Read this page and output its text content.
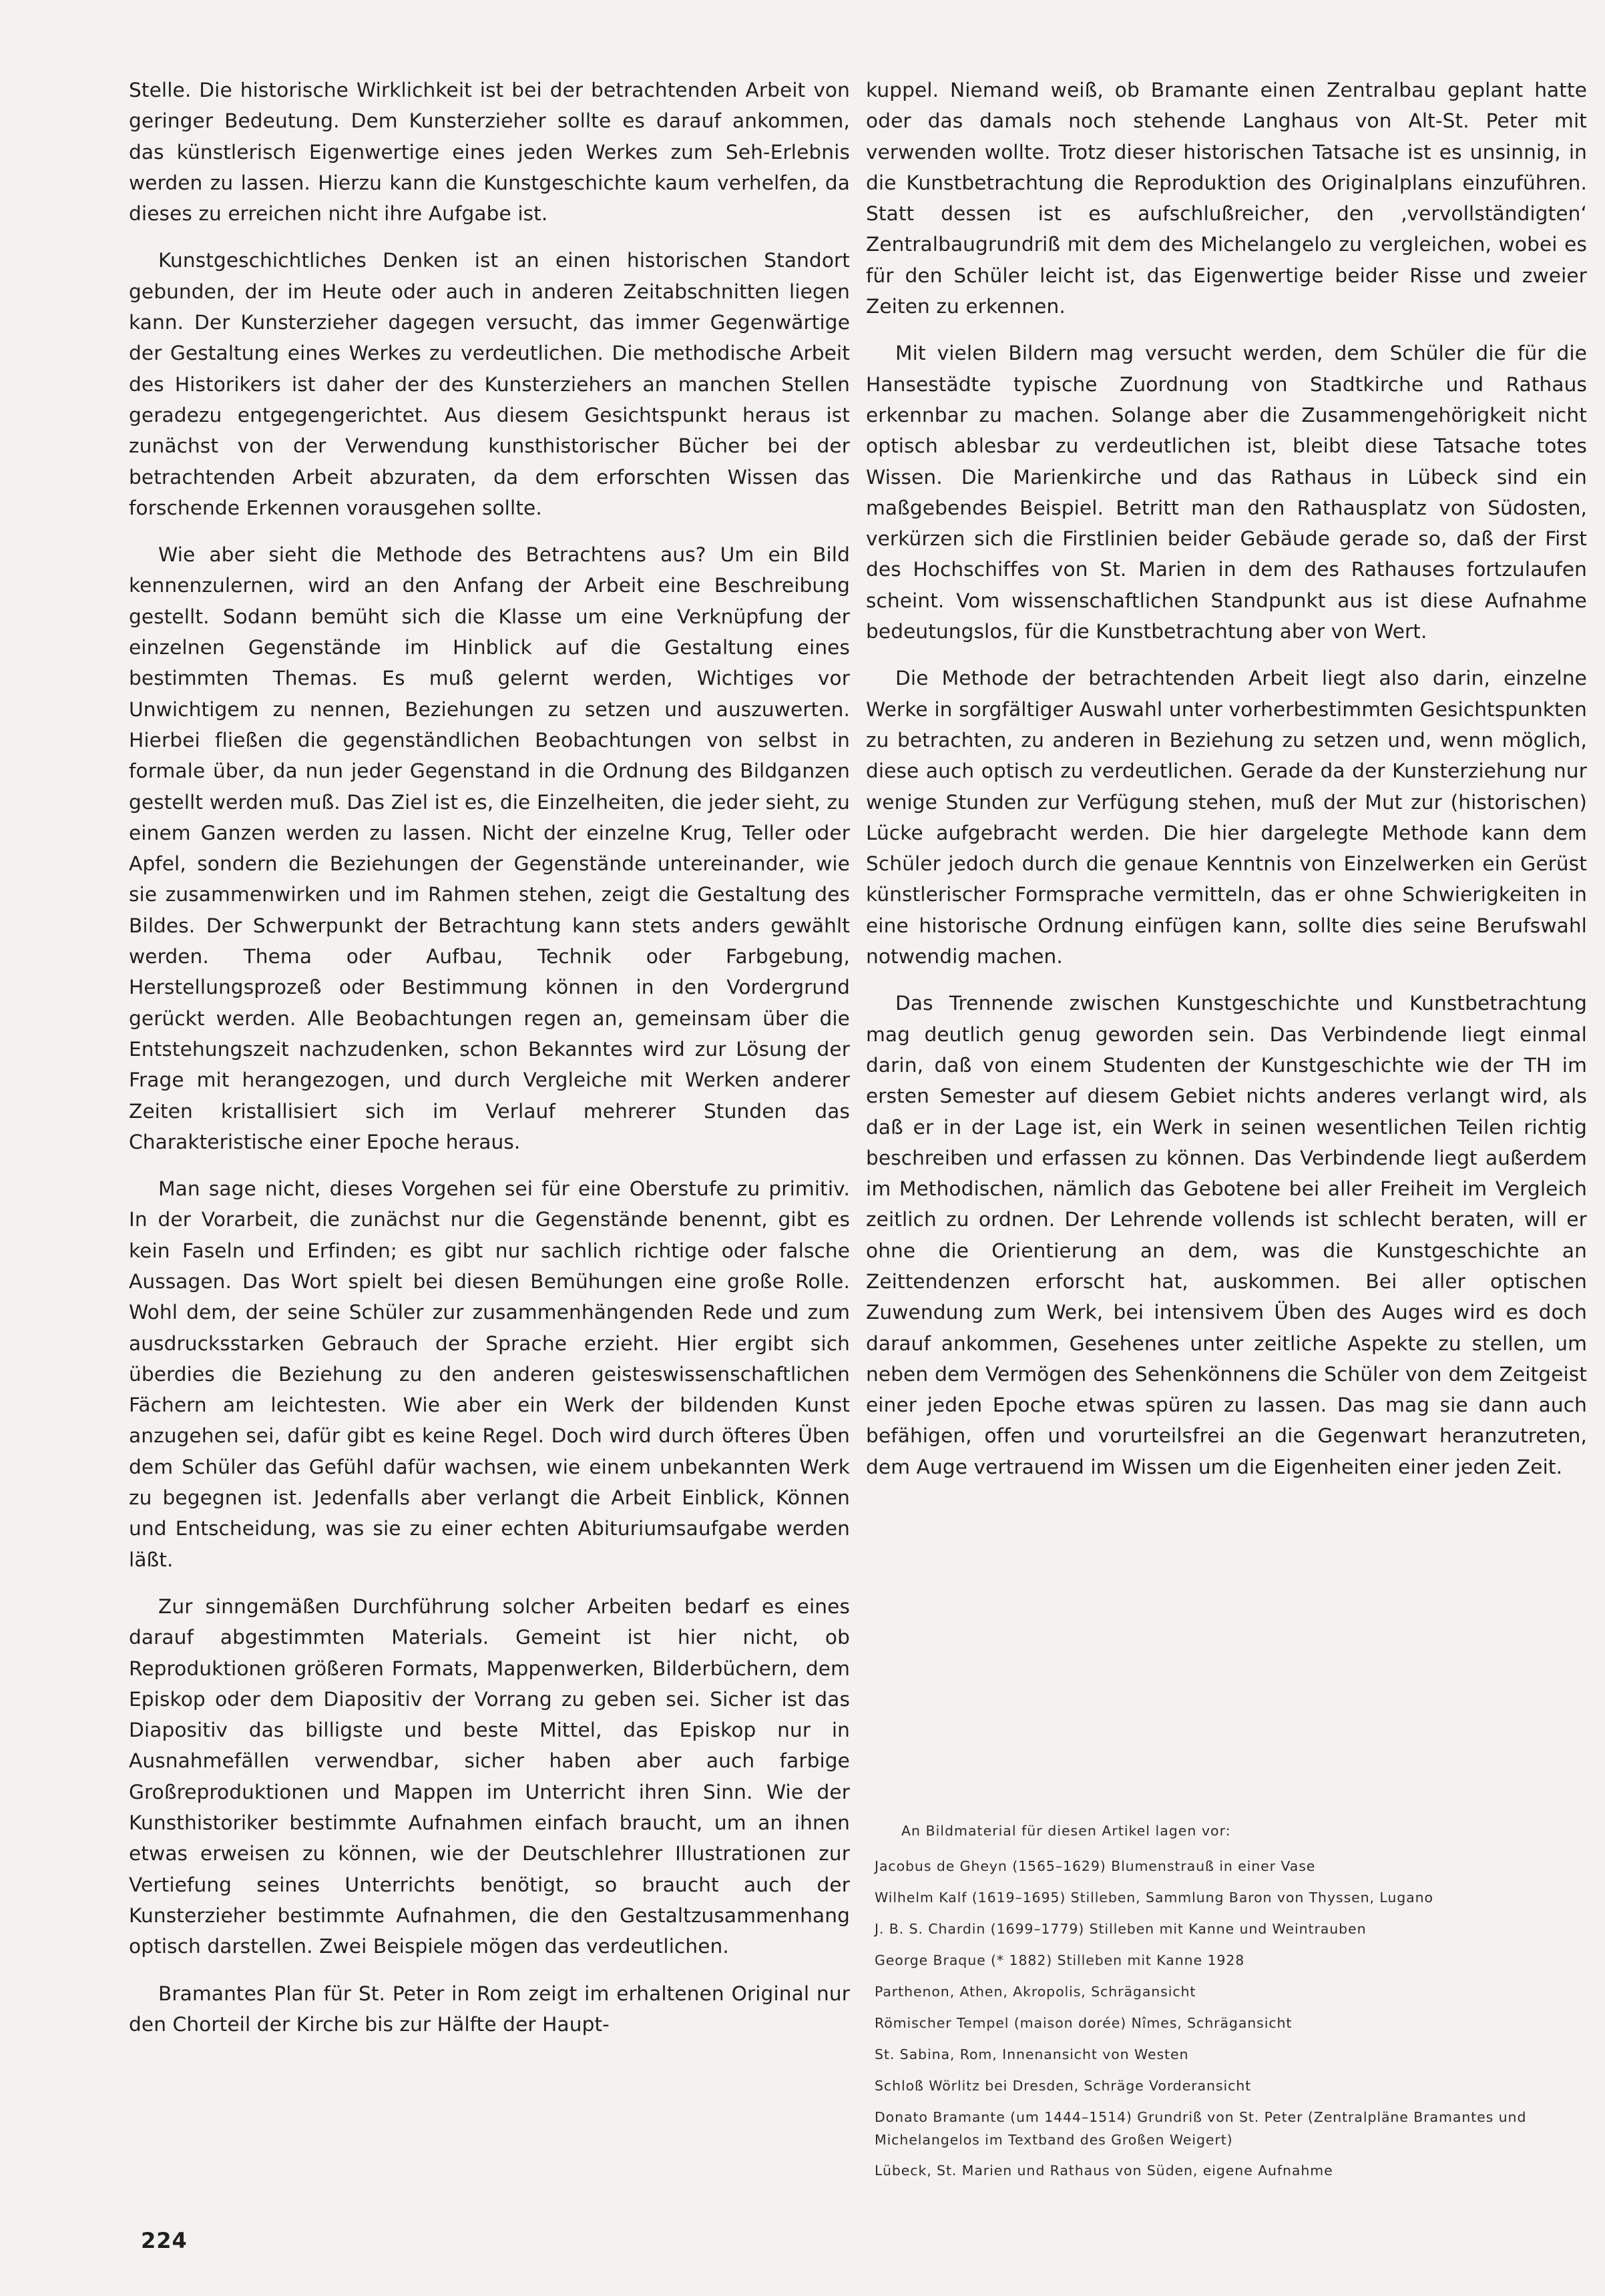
Stelle. Die historische Wirklichkeit ist bei der betrachtenden Arbeit von geringer Bedeutung. Dem Kunsterzieher sollte es darauf ankommen, das künstlerisch Eigenwertige eines jeden Werkes zum Seh-Erlebnis werden zu lassen. Hierzu kann die Kunstgeschichte kaum verhelfen, da dieses zu erreichen nicht ihre Aufgabe ist.

Kunstgeschichtliches Denken ist an einen historischen Standort gebunden, der im Heute oder auch in anderen Zeitabschnitten liegen kann. Der Kunsterzieher dagegen versucht, das immer Gegenwärtige der Gestaltung eines Werkes zu verdeutlichen. Die methodische Arbeit des Historikers ist daher der des Kunsterziehers an manchen Stellen geradezu entgegengerichtet. Aus diesem Gesichtspunkt heraus ist zunächst von der Verwendung kunsthistorischer Bücher bei der betrachtenden Arbeit abzuraten, da dem erforschten Wissen das forschende Erkennen vorausgehen sollte.

Wie aber sieht die Methode des Betrachtens aus? Um ein Bild kennenzulernen, wird an den Anfang der Arbeit eine Beschreibung gestellt. Sodann bemüht sich die Klasse um eine Verknüpfung der einzelnen Gegenstände im Hinblick auf die Gestaltung eines bestimmten Themas. Es muß gelernt werden, Wichtiges vor Unwichtigem zu nennen, Beziehungen zu setzen und auszuwerten. Hierbei fließen die gegenständlichen Beobachtungen von selbst in formale über, da nun jeder Gegenstand in die Ordnung des Bildganzen gestellt werden muß. Das Ziel ist es, die Einzelheiten, die jeder sieht, zu einem Ganzen werden zu lassen. Nicht der einzelne Krug, Teller oder Apfel, sondern die Beziehungen der Gegenstände untereinander, wie sie zusammenwirken und im Rahmen stehen, zeigt die Gestaltung des Bildes. Der Schwerpunkt der Betrachtung kann stets anders gewählt werden. Thema oder Aufbau, Technik oder Farbgebung, Herstellungsprozeß oder Bestimmung können in den Vordergrund gerückt werden. Alle Beobachtungen regen an, gemeinsam über die Entstehungszeit nachzudenken, schon Bekanntes wird zur Lösung der Frage mit herangezogen, und durch Vergleiche mit Werken anderer Zeiten kristallisiert sich im Verlauf mehrerer Stunden das Charakteristische einer Epoche heraus.

Man sage nicht, dieses Vorgehen sei für eine Oberstufe zu primitiv. In der Vorarbeit, die zunächst nur die Gegenstände benennt, gibt es kein Faseln und Erfinden; es gibt nur sachlich richtige oder falsche Aussagen. Das Wort spielt bei diesen Bemühungen eine große Rolle. Wohl dem, der seine Schüler zur zusammenhängenden Rede und zum ausdrucksstarken Gebrauch der Sprache erzieht. Hier ergibt sich überdies die Beziehung zu den anderen geisteswissenschaftlichen Fächern am leichtesten. Wie aber ein Werk der bildenden Kunst anzugehen sei, dafür gibt es keine Regel. Doch wird durch öfteres Üben dem Schüler das Gefühl dafür wachsen, wie einem unbekannten Werk zu begegnen ist. Jedenfalls aber verlangt die Arbeit Einblick, Können und Entscheidung, was sie zu einer echten Abituriumsaufgabe werden läßt.

Zur sinngemäßen Durchführung solcher Arbeiten bedarf es eines darauf abgestimmten Materials. Gemeint ist hier nicht, ob Reproduktionen größeren Formats, Mappenwerken, Bilderbüchern, dem Episkop oder dem Diapositiv der Vorrang zu geben sei. Sicher ist das Diapositiv das billigste und beste Mittel, das Episkop nur in Ausnahmefällen verwendbar, sicher haben aber auch farbige Großreproduktionen und Mappen im Unterricht ihren Sinn. Wie der Kunsthistoriker bestimmte Aufnahmen einfach braucht, um an ihnen etwas erweisen zu können, wie der Deutschlehrer Illustrationen zur Vertiefung seines Unterrichts benötigt, so braucht auch der Kunsterzieher bestimmte Aufnahmen, die den Gestaltzusammenhang optisch darstellen. Zwei Beispiele mögen das verdeutlichen.

Bramantes Plan für St. Peter in Rom zeigt im erhaltenen Original nur den Chorteil der Kirche bis zur Hälfte der Haupt-

kuppel. Niemand weiß, ob Bramante einen Zentralbau geplant hatte oder das damals noch stehende Langhaus von Alt-St. Peter mit verwenden wollte. Trotz dieser historischen Tatsache ist es unsinnig, in die Kunstbetrachtung die Reproduktion des Originalplans einzuführen. Statt dessen ist es aufschlußreicher, den ‚vervollständigten‘ Zentralbaugrundriß mit dem des Michelangelo zu vergleichen, wobei es für den Schüler leicht ist, das Eigenwertige beider Risse und zweier Zeiten zu erkennen.

Mit vielen Bildern mag versucht werden, dem Schüler die für die Hansestädte typische Zuordnung von Stadtkirche und Rathaus erkennbar zu machen. Solange aber die Zusammengehörigkeit nicht optisch ablesbar zu verdeutlichen ist, bleibt diese Tatsache totes Wissen. Die Marienkirche und das Rathaus in Lübeck sind ein maßgebendes Beispiel. Betritt man den Rathausplatz von Südosten, verkürzen sich die Firstlinien beider Gebäude gerade so, daß der First des Hochschiffes von St. Marien in dem des Rathauses fortzulaufen scheint. Vom wissenschaftlichen Standpunkt aus ist diese Aufnahme bedeutungslos, für die Kunstbetrachtung aber von Wert.

Die Methode der betrachtenden Arbeit liegt also darin, einzelne Werke in sorgfältiger Auswahl unter vorherbestimmten Gesichtspunkten zu betrachten, zu anderen in Beziehung zu setzen und, wenn möglich, diese auch optisch zu verdeutlichen. Gerade da der Kunsterziehung nur wenige Stunden zur Verfügung stehen, muß der Mut zur (historischen) Lücke aufgebracht werden. Die hier dargelegte Methode kann dem Schüler jedoch durch die genaue Kenntnis von Einzelwerken ein Gerüst künstlerischer Formsprache vermitteln, das er ohne Schwierigkeiten in eine historische Ordnung einfügen kann, sollte dies seine Berufswahl notwendig machen.

Das Trennende zwischen Kunstgeschichte und Kunstbetrachtung mag deutlich genug geworden sein. Das Verbindende liegt einmal darin, daß von einem Studenten der Kunstgeschichte wie der TH im ersten Semester auf diesem Gebiet nichts anderes verlangt wird, als daß er in der Lage ist, ein Werk in seinen wesentlichen Teilen richtig beschreiben und erfassen zu können. Das Verbindende liegt außerdem im Methodischen, nämlich das Gebotene bei aller Freiheit im Vergleich zeitlich zu ordnen. Der Lehrende vollends ist schlecht beraten, will er ohne die Orientierung an dem, was die Kunstgeschichte an Zeittendenzen erforscht hat, auskommen. Bei aller optischen Zuwendung zum Werk, bei intensivem Üben des Auges wird es doch darauf ankommen, Gesehenes unter zeitliche Aspekte zu stellen, um neben dem Vermögen des Sehenkönnens die Schüler von dem Zeitgeist einer jeden Epoche etwas spüren zu lassen. Das mag sie dann auch befähigen, offen und vorurteilsfrei an die Gegenwart heranzutreten, dem Auge vertrauend im Wissen um die Eigenheiten einer jeden Zeit.

An Bildmaterial für diesen Artikel lagen vor:
Jacobus de Gheyn (1565–1629) Blumenstrauß in einer Vase
Wilhelm Kalf (1619–1695) Stilleben, Sammlung Baron von Thyssen, Lugano
J. B. S. Chardin (1699–1779) Stilleben mit Kanne und Weintrauben
George Braque (* 1882) Stilleben mit Kanne 1928
Parthenon, Athen, Akropolis, Schrägansicht
Römischer Tempel (maison dorée) Nîmes, Schrägansicht
St. Sabina, Rom, Innenansicht von Westen
Schloß Wörlitz bei Dresden, Schräge Vorderansicht
Donato Bramante (um 1444–1514) Grundriß von St. Peter (Zentralpläne Bramantes und Michelangelos im Textband des Großen Weigert)
Lübeck, St. Marien und Rathaus von Süden, eigene Aufnahme
224
